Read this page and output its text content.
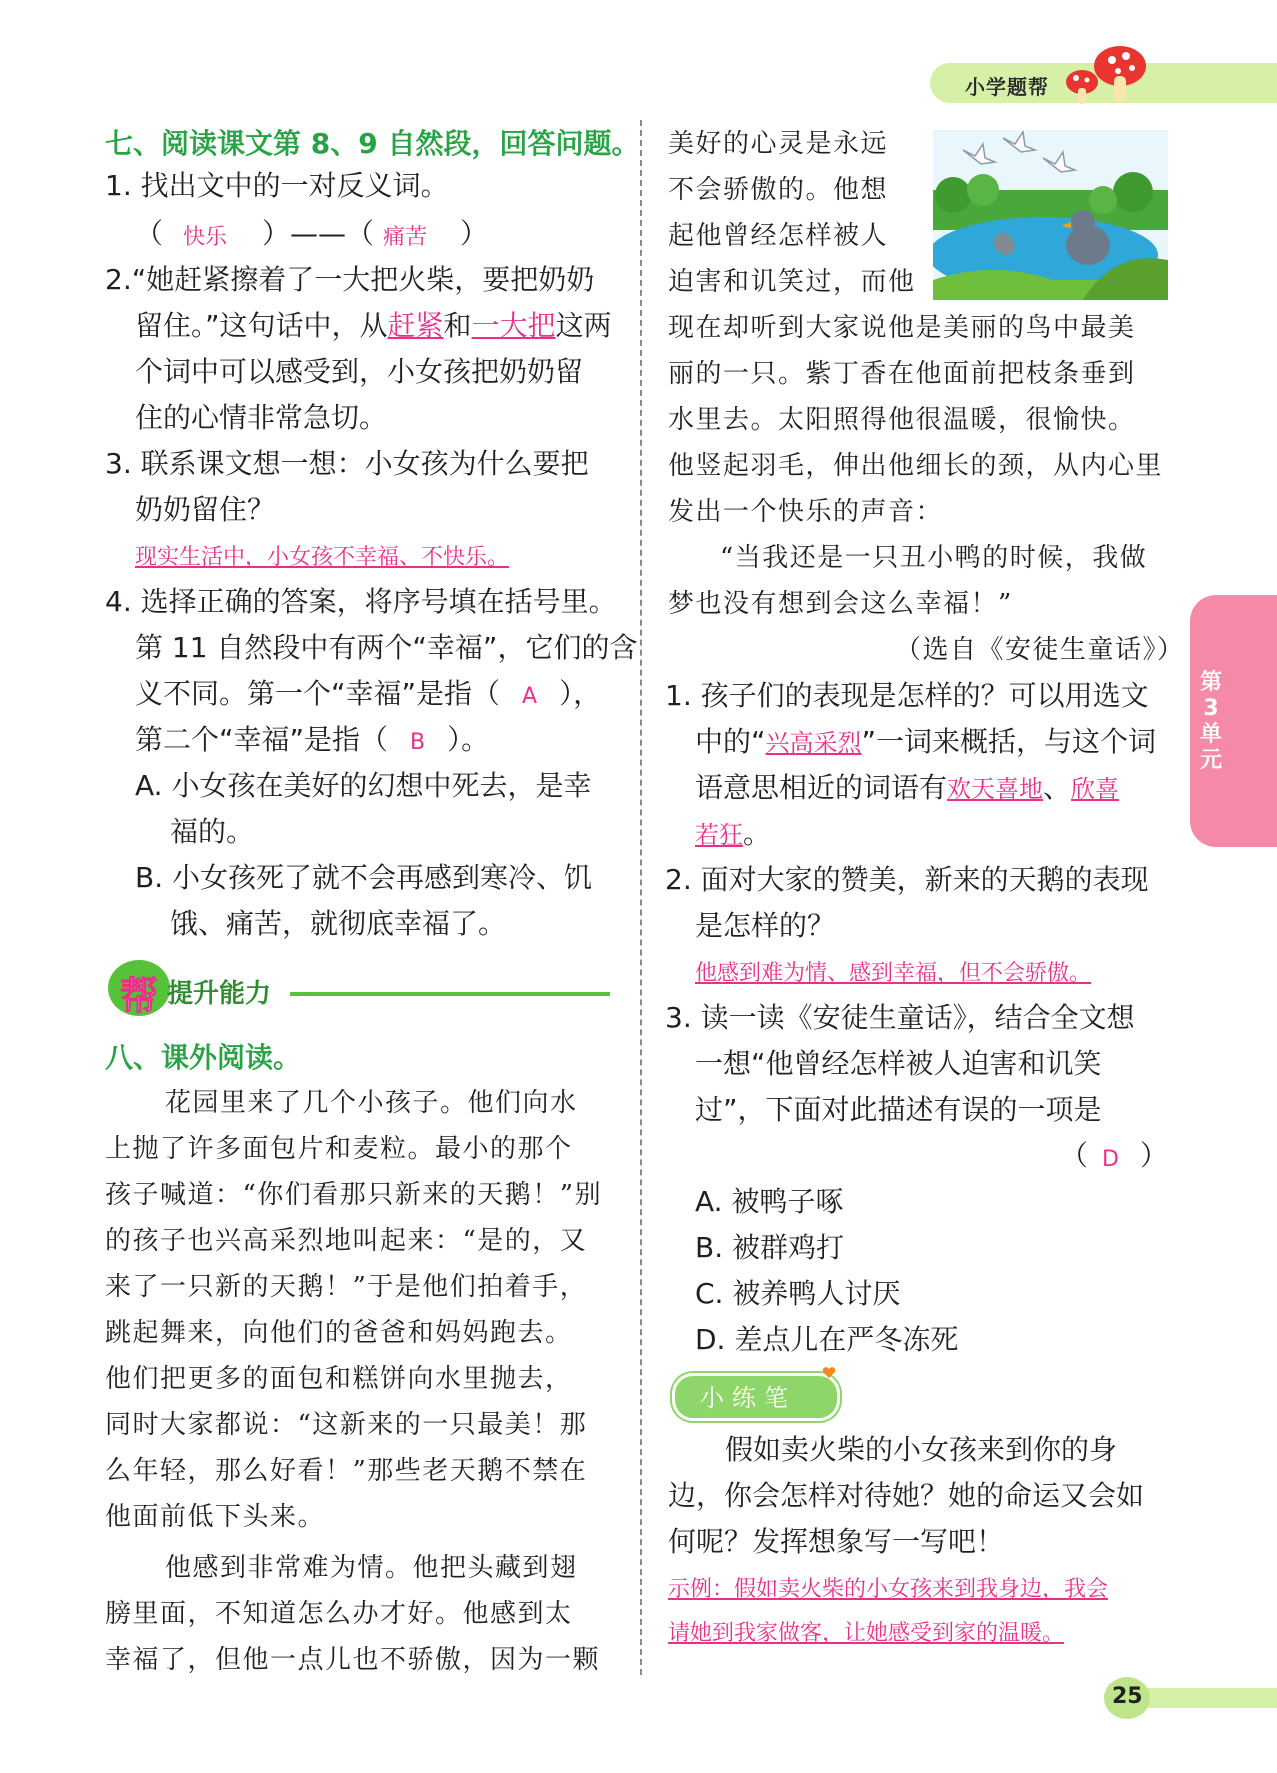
小学题帮
第3单元
七、阅读课文第 8、9 自然段，回答问题。
1. 找出文中的一对反义词。
（ 快乐 ）——（ 痛苦 ）
2.“她赶紧擦着了一大把火柴，要把奶奶
留住。”这句话中，从赶紧和一大把这两
个词中可以感受到，小女孩把奶奶留
住的心情非常急切。
3. 联系课文想一想：小女孩为什么要把
奶奶留住？
现实生活中，小女孩不幸福、不快乐。
4. 选择正确的答案，将序号填在括号里。
第 11 自然段中有两个“幸福”，它们的含
义不同。第一个“幸福”是指（ A ），
第二个“幸福”是指（ B ）。
A. 小女孩在美好的幻想中死去，是幸
福的。
B. 小女孩死了就不会再感到寒冷、饥
饿、痛苦，就彻底幸福了。
帮 提升能力
八、课外阅读。
花园里来了几个小孩子。他们向水
上抛了许多面包片和麦粒。最小的那个
孩子喊道：“你们看那只新来的天鹅！”别
的孩子也兴高采烈地叫起来：“是的，又
来了一只新的天鹅！”于是他们拍着手，
跳起舞来，向他们的爸爸和妈妈跑去。
他们把更多的面包和糕饼向水里抛去，
同时大家都说：“这新来的一只最美！那
么年轻，那么好看！”那些老天鹅不禁在
他面前低下头来。
他感到非常难为情。他把头藏到翅
膀里面，不知道怎么办才好。他感到太
幸福了，但他一点儿也不骄傲，因为一颗
美好的心灵是永远
不会骄傲的。他想
起他曾经怎样被人
迫害和讥笑过，而他
现在却听到大家说他是美丽的鸟中最美
丽的一只。紫丁香在他面前把枝条垂到
水里去。太阳照得他很温暖，很愉快。
他竖起羽毛，伸出他细长的颈，从内心里
发出一个快乐的声音：
“当我还是一只丑小鸭的时候，我做
梦也没有想到会这么幸福！”
（选自《安徒生童话》）
1. 孩子们的表现是怎样的？可以用选文
中的“兴高采烈”一词来概括，与这个词
语意思相近的词语有欢天喜地、欣喜
若狂。
2. 面对大家的赞美，新来的天鹅的表现
是怎样的？
他感到难为情、感到幸福，但不会骄傲。
3. 读一读《安徒生童话》，结合全文想
一想“他曾经怎样被人迫害和讥笑
过”，下面对此描述有误的一项是
（ D ）
A. 被鸭子啄
B. 被群鸡打
C. 被养鸭人讨厌
D. 差点儿在严冬冻死
小练笔
假如卖火柴的小女孩来到你的身
边，你会怎样对待她？她的命运又会如
何呢？发挥想象写一写吧！
示例：假如卖火柴的小女孩来到我身边，我会
请她到我家做客，让她感受到家的温暖。
25
